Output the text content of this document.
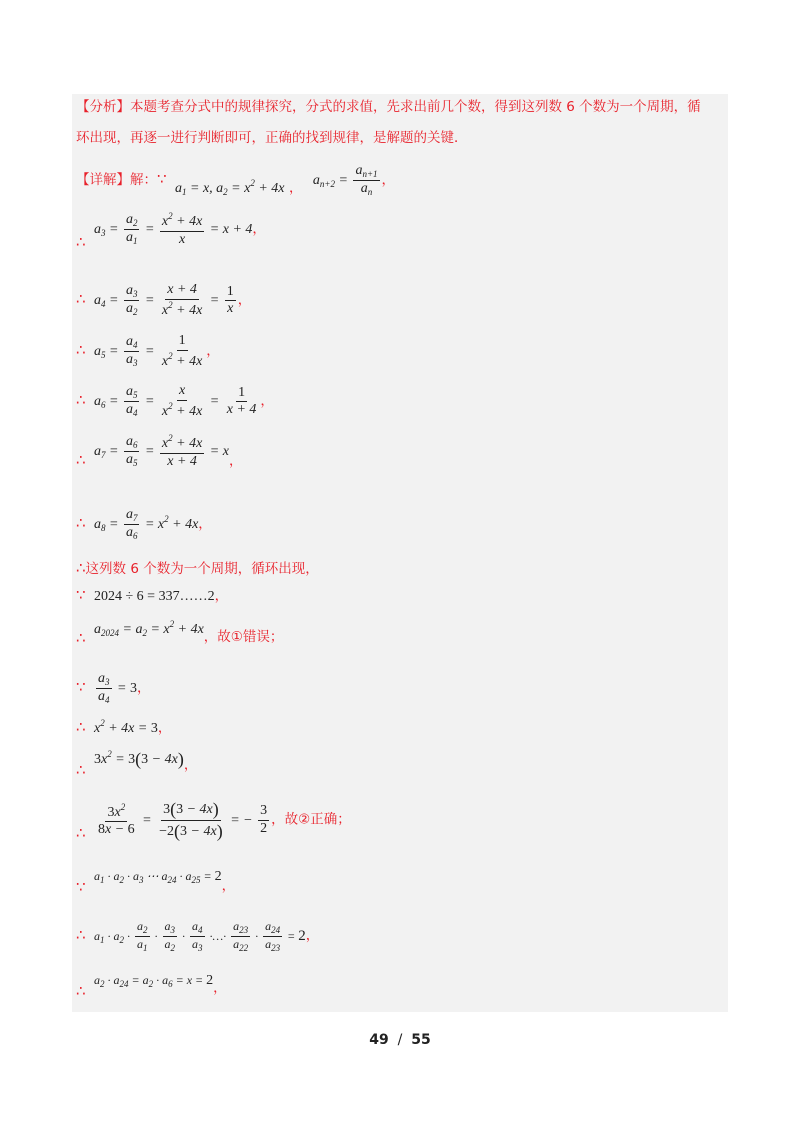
【分析】本题考查分式中的规律探究，分式的求值，先求出前几个数，得到这列数 6 个数为一个周期，循
环出现，再逐一进行判断即可，正确的找到规律，是解题的关键．
【详解】解：∵ $a_1 = x$, $a_2 = x^2 + 4x$ ， $a_{n+2} = \frac{a_{n+1}}{a_n}$ ，
∴ $a_3 = \frac{a_2}{a_1} = \frac{x^2 + 4x}{x} = x + 4$，
∴ $a_4 = \frac{a_3}{a_2} = \frac{x + 4}{x^2 + 4x} = \frac{1}{x}$ ，
∴ $a_5 = \frac{a_4}{a_3} = \frac{1}{x^2 + 4x}$ ，
∴ $a_6 = \frac{a_5}{a_4} = \frac{x}{x^2 + 4x} = \frac{1}{x + 4}$ ，
∴ $a_7 = \frac{a_6}{a_5} = \frac{x^2 + 4x}{x + 4} = x$，
∴ $a_8 = \frac{a_7}{a_6} = x^2 + 4x$，
∴这列数 6 个数为一个周期，循环出现，
∵ 2024 ÷ 6 = 337……2，
∴ $a_{2024} = a_2 = x^2 + 4x$，故①错误；
∵ $\frac{a_3}{a_4} = 3$，
∴ $x^2 + 4x = 3$，
∴ $3x^2 = 3(3 - 4x)$，
∴ $\frac{3x^2}{8x - 6} = \frac{3(3 - 4x)}{-2(3 - 4x)}$ = − $\frac{3}{2}$ ，故②正确；
∵ $a_1 \cdot a_2 \cdot a_3$ ⋯ $a_{24} \cdot a_{25} = 2$，
∴ $a_1 \cdot a_2 \cdot \frac{a_2}{a_1} \cdot \frac{a_3}{a_2} \cdot \frac{a_4}{a_3}$ ·…· $\frac{a_{23}}{a_{22}} \cdot \frac{a_{24}}{a_{23}} = 2$，
∴ $a_2 \cdot a_{24} = a_2 \cdot a_6 = x = 2$，
49 / 55
